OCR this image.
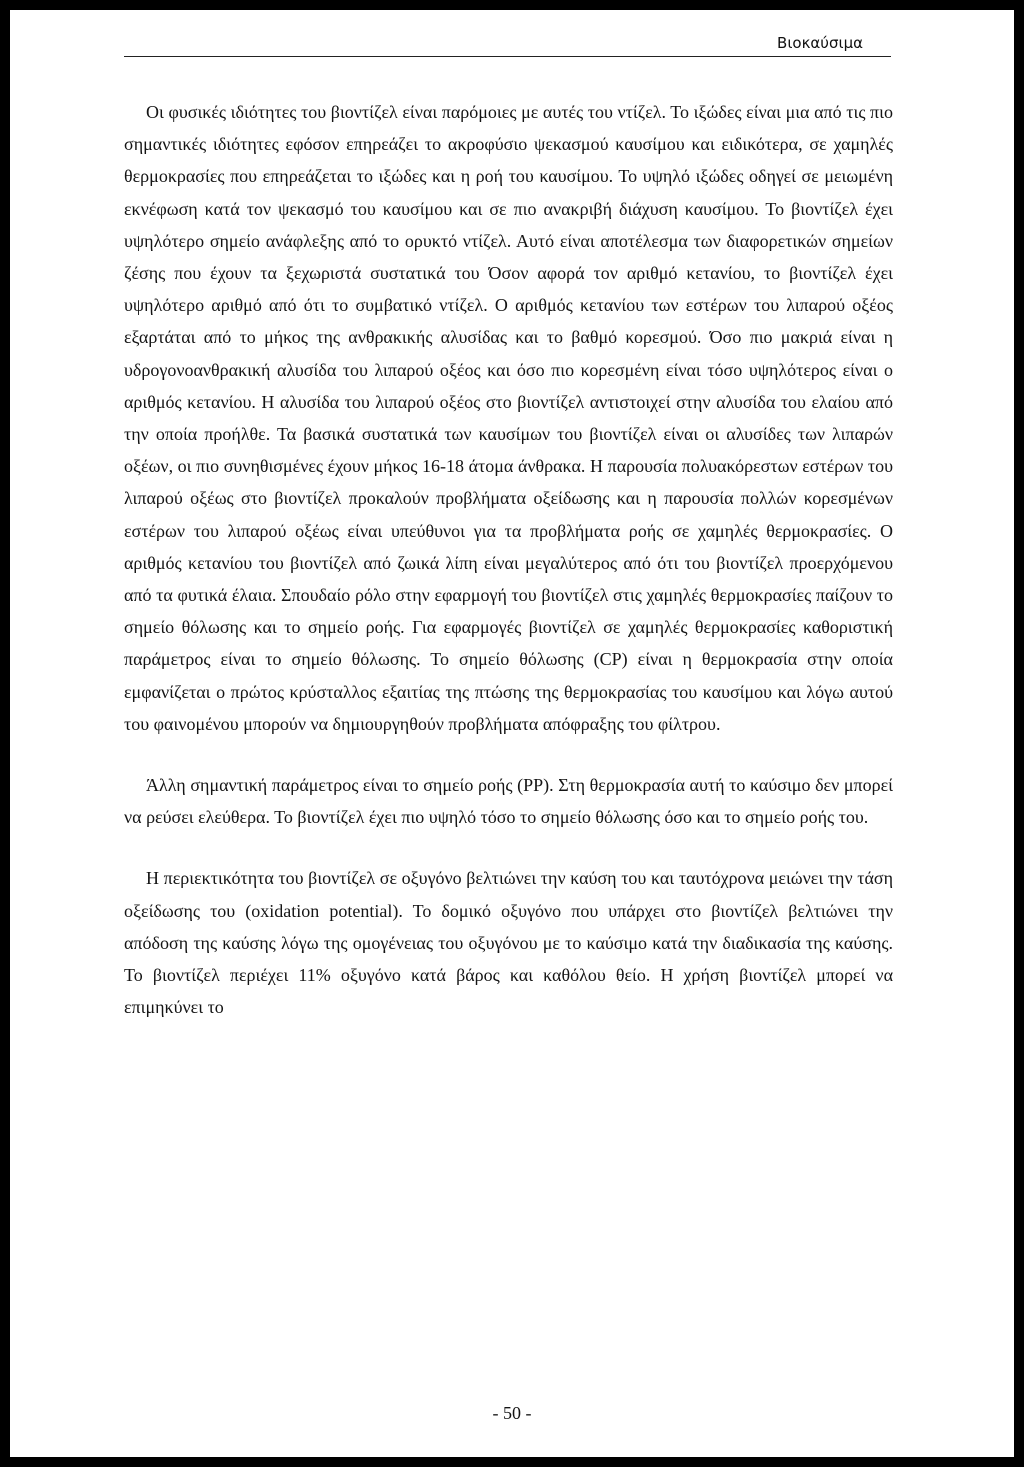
Βιοκαύσιμα

Οι φυσικές ιδιότητες του βιοντίζελ είναι παρόμοιες με αυτές του ντίζελ. Το ιξώδες είναι μια από τις πιο σημαντικές ιδιότητες εφόσον επηρεάζει το ακροφύσιο ψεκασμού καυσίμου και ειδικότερα, σε χαμηλές θερμοκρασίες που επηρεάζεται το ιξώδες και η ροή του καυσίμου. Το υψηλό ιξώδες οδηγεί σε μειωμένη εκνέφωση κατά τον ψεκασμό του καυσίμου και σε πιο ανακριβή διάχυση καυσίμου. Το βιοντίζελ έχει υψηλότερο σημείο ανάφλεξης από το ορυκτό ντίζελ. Αυτό είναι αποτέλεσμα των διαφορετικών σημείων ζέσης που έχουν τα ξεχωριστά συστατικά του Όσον αφορά τον αριθμό κετανίου, το βιοντίζελ έχει υψηλότερο αριθμό από ότι το συμβατικό ντίζελ. Ο αριθμός κετανίου των εστέρων του λιπαρού οξέος εξαρτάται από το μήκος της ανθρακικής αλυσίδας και το βαθμό κορεσμού. Όσο πιο μακριά είναι η υδρογονοανθρακική αλυσίδα του λιπαρού οξέος και όσο πιο κορεσμένη είναι τόσο υψηλότερος είναι ο αριθμός κετανίου. Η αλυσίδα του λιπαρού οξέος στο βιοντίζελ αντιστοιχεί στην αλυσίδα του ελαίου από την οποία προήλθε. Τα βασικά συστατικά των καυσίμων του βιοντίζελ είναι οι αλυσίδες των λιπαρών οξέων, οι πιο συνηθισμένες έχουν μήκος 16-18 άτομα άνθρακα. Η παρουσία πολυακόρεστων εστέρων του λιπαρού οξέως στο βιοντίζελ προκαλούν προβλήματα οξείδωσης και η παρουσία πολλών κορεσμένων εστέρων του λιπαρού οξέως είναι υπεύθυνοι για τα προβλήματα ροής σε χαμηλές θερμοκρασίες. Ο αριθμός κετανίου του βιοντίζελ από ζωικά λίπη είναι μεγαλύτερος από ότι του βιοντίζελ προερχόμενου από τα φυτικά έλαια. Σπουδαίο ρόλο στην εφαρμογή του βιοντίζελ στις χαμηλές θερμοκρασίες παίζουν το σημείο θόλωσης και το σημείο ροής. Για εφαρμογές βιοντίζελ σε χαμηλές θερμοκρασίες καθοριστική παράμετρος είναι το σημείο θόλωσης. Το σημείο θόλωσης (CP) είναι η θερμοκρασία στην οποία εμφανίζεται ο πρώτος κρύσταλλος εξαιτίας της πτώσης της θερμοκρασίας του καυσίμου και λόγω αυτού του φαινομένου μπορούν να δημιουργηθούν προβλήματα απόφραξης του φίλτρου.

Άλλη σημαντική παράμετρος είναι το σημείο ροής (PP). Στη θερμοκρασία αυτή το καύσιμο δεν μπορεί να ρεύσει ελεύθερα. Το βιοντίζελ έχει πιο υψηλό τόσο το σημείο θόλωσης όσο και το σημείο ροής του.

Η περιεκτικότητα του βιοντίζελ σε οξυγόνο βελτιώνει την καύση του και ταυτόχρονα μειώνει την τάση οξείδωσης του (oxidation potential). Το δομικό οξυγόνο που υπάρχει στο βιοντίζελ βελτιώνει την απόδοση της καύσης λόγω της ομογένειας του οξυγόνου με το καύσιμο κατά την διαδικασία της καύσης. Το βιοντίζελ περιέχει 11% οξυγόνο κατά βάρος και καθόλου θείο. Η χρήση βιοντίζελ μπορεί να επιμηκύνει το

- 50 -
